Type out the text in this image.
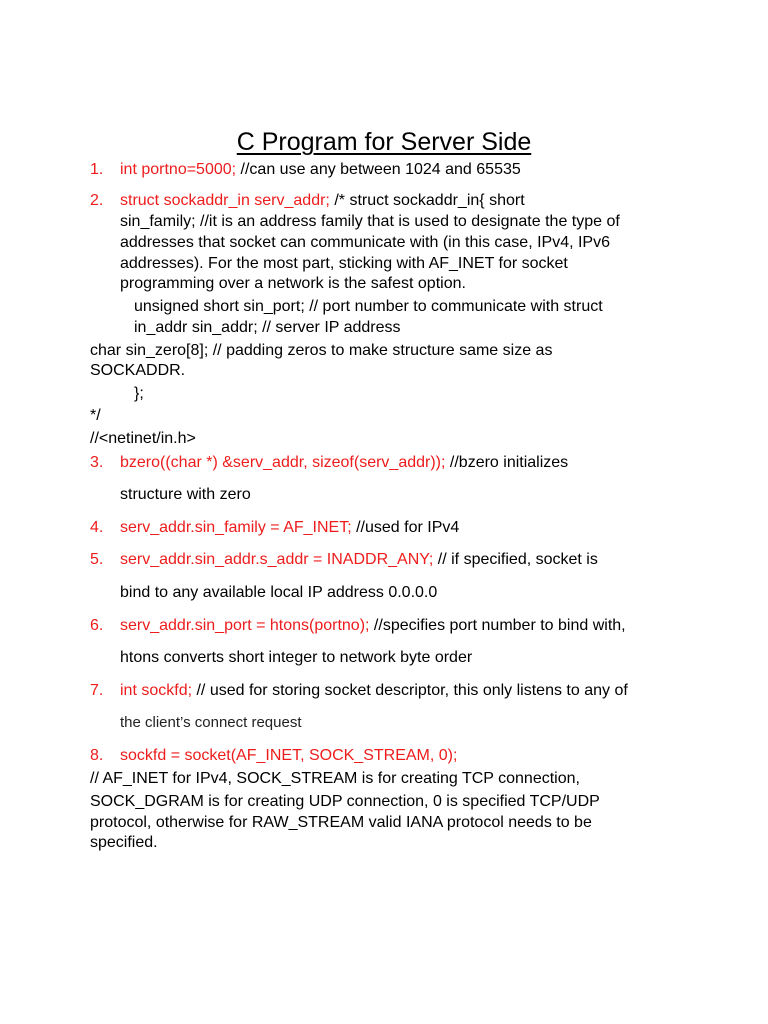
C Program for Server Side
1. int portno=5000; //can use any between 1024 and 65535
2. struct sockaddr_in serv_addr; /* struct sockaddr_in{ short
sin_family; //it is an address family that is used to designate the type of
addresses that socket can communicate with (in this case, IPv4, IPv6
addresses). For the most part, sticking with AF_INET for socket
programming over a network is the safest option.
unsigned short sin_port; // port number to communicate with struct
in_addr sin_addr; // server IP address
char sin_zero[8]; // padding zeros to make structure same size as
SOCKADDR.
};
*/
//<netinet/in.h>
3. bzero((char *) &serv_addr, sizeof(serv_addr)); //bzero initializes
structure with zero
4. serv_addr.sin_family = AF_INET; //used for IPv4
5. serv_addr.sin_addr.s_addr = INADDR_ANY; // if specified, socket is
bind to any available local IP address 0.0.0.0
6. serv_addr.sin_port = htons(portno); //specifies port number to bind with,
htons converts short integer to network byte order
7. int sockfd; // used for storing socket descriptor, this only listens to any of
the client’s connect request
8. sockfd = socket(AF_INET, SOCK_STREAM, 0);
// AF_INET for IPv4, SOCK_STREAM is for creating TCP connection,
SOCK_DGRAM is for creating UDP connection, 0 is specified TCP/UDP
protocol, otherwise for RAW_STREAM valid IANA protocol needs to be
specified.
